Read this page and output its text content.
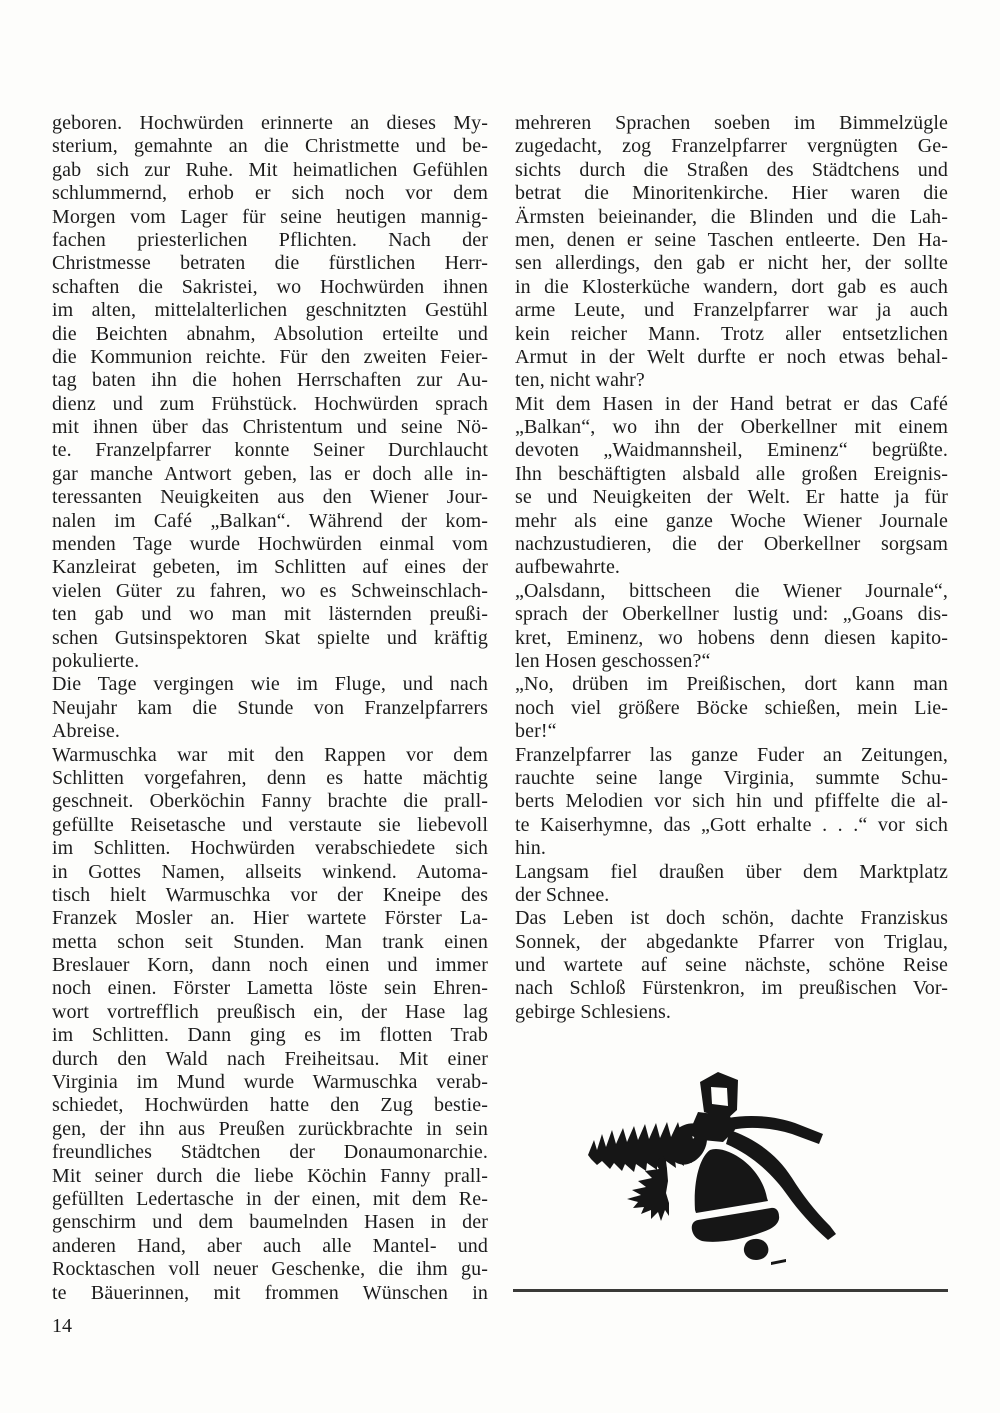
geboren. Hochwürden erinnerte an dieses My-
sterium, gemahnte an die Christmette und be-
gab sich zur Ruhe. Mit heimatlichen Gefühlen
schlummernd, erhob er sich noch vor dem
Morgen vom Lager für seine heutigen mannig-
fachen priesterlichen Pflichten. Nach der
Christmesse betraten die fürstlichen Herr-
schaften die Sakristei, wo Hochwürden ihnen
im alten, mittelalterlichen geschnitzten Gestühl
die Beichten abnahm, Absolution erteilte und
die Kommunion reichte. Für den zweiten Feier-
tag baten ihn die hohen Herrschaften zur Au-
dienz und zum Frühstück. Hochwürden sprach
mit ihnen über das Christentum und seine Nö-
te. Franzelpfarrer konnte Seiner Durchlaucht
gar manche Antwort geben, las er doch alle in-
teressanten Neuigkeiten aus den Wiener Jour-
nalen im Café „Balkan“. Während der kom-
menden Tage wurde Hochwürden einmal vom
Kanzleirat gebeten, im Schlitten auf eines der
vielen Güter zu fahren, wo es Schweinschlach-
ten gab und wo man mit lästernden preußi-
schen Gutsinspektoren Skat spielte und kräftig
pokulierte.
Die Tage vergingen wie im Fluge, und nach
Neujahr kam die Stunde von Franzelpfarrers
Abreise.
Warmuschka war mit den Rappen vor dem
Schlitten vorgefahren, denn es hatte mächtig
geschneit. Oberköchin Fanny brachte die prall-
gefüllte Reisetasche und verstaute sie liebevoll
im Schlitten. Hochwürden verabschiedete sich
in Gottes Namen, allseits winkend. Automa-
tisch hielt Warmuschka vor der Kneipe des
Franzek Mosler an. Hier wartete Förster La-
metta schon seit Stunden. Man trank einen
Breslauer Korn, dann noch einen und immer
noch einen. Förster Lametta löste sein Ehren-
wort vortrefflich preußisch ein, der Hase lag
im Schlitten. Dann ging es im flotten Trab
durch den Wald nach Freiheitsau. Mit einer
Virginia im Mund wurde Warmuschka verab-
schiedet, Hochwürden hatte den Zug bestie-
gen, der ihn aus Preußen zurückbrachte in sein
freundliches Städtchen der Donaumonarchie.
Mit seiner durch die liebe Köchin Fanny prall-
gefüllten Ledertasche in der einen, mit dem Re-
genschirm und dem baumelnden Hasen in der
anderen Hand, aber auch alle Mantel- und
Rocktaschen voll neuer Geschenke, die ihm gu-
te Bäuerinnen, mit frommen Wünschen in
mehreren Sprachen soeben im Bimmelzügle
zugedacht, zog Franzelpfarrer vergnügten Ge-
sichts durch die Straßen des Städtchens und
betrat die Minoritenkirche. Hier waren die
Ärmsten beieinander, die Blinden und die Lah-
men, denen er seine Taschen entleerte. Den Ha-
sen allerdings, den gab er nicht her, der sollte
in die Klosterküche wandern, dort gab es auch
arme Leute, und Franzelpfarrer war ja auch
kein reicher Mann. Trotz aller entsetzlichen
Armut in der Welt durfte er noch etwas behal-
ten, nicht wahr?
Mit dem Hasen in der Hand betrat er das Café
„Balkan“, wo ihn der Oberkellner mit einem
devoten „Waidmannsheil, Eminenz“ begrüßte.
Ihn beschäftigten alsbald alle großen Ereignis-
se und Neuigkeiten der Welt. Er hatte ja für
mehr als eine ganze Woche Wiener Journale
nachzustudieren, die der Oberkellner sorgsam
aufbewahrte.
„Oalsdann, bittscheen die Wiener Journale“,
sprach der Oberkellner lustig und: „Goans dis-
kret, Eminenz, wo hobens denn diesen kapito-
len Hosen geschossen?“
„No, drüben im Preißischen, dort kann man
noch viel größere Böcke schießen, mein Lie-
ber!“
Franzelpfarrer las ganze Fuder an Zeitungen,
rauchte seine lange Virginia, summte Schu-
berts Melodien vor sich hin und pfiffelte die al-
te Kaiserhymne, das „Gott erhalte . . .“ vor sich
hin.
Langsam fiel draußen über dem Marktplatz
der Schnee.
Das Leben ist doch schön, dachte Franziskus
Sonnek, der abgedankte Pfarrer von Triglau,
und wartete auf seine nächste, schöne Reise
nach Schloß Fürstenkron, im preußischen Vor-
gebirge Schlesiens.
14
